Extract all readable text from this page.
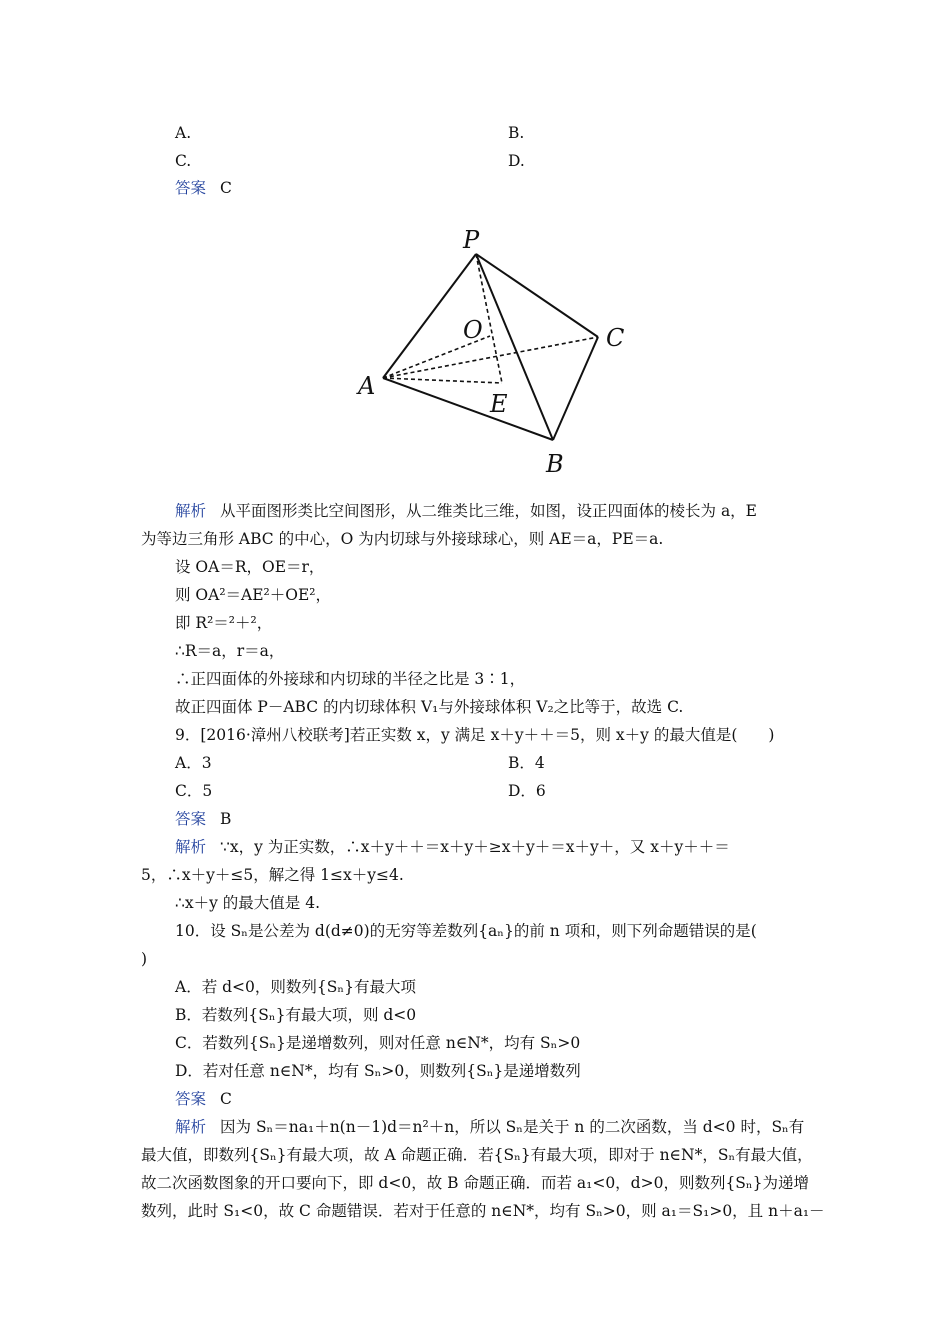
A.	B.
C.	D.
答案 C
P
O	C
A
E
B
解析 从平面图形类比空间图形，从二维类比三维，如图，设正四面体的棱长为 a，E
为等边三角形 ABC 的中心，O 为内切球与外接球球心，则 AE＝a，PE＝a.
设 OA＝R，OE＝r，
则 OA²＝AE²＋OE²，
即 R²＝²＋²，
∴R＝a，r＝a，
∴正四面体的外接球和内切球的半径之比是 3∶1，
故正四面体 P－ABC 的内切球体积 V₁与外接球体积 V₂之比等于，故选 C.
9．[2016·漳州八校联考]若正实数 x，y 满足 x＋y＋＋＝5，则 x＋y 的最大值是(　　)
A．3	B．4
C．5	D．6
答案 B
解析 ∵x，y 为正实数，∴x＋y＋＋＝x＋y＋≥x＋y＋＝x＋y＋，又 x＋y＋＋＝
5，∴x＋y＋≤5，解之得 1≤x＋y≤4.
∴x＋y 的最大值是 4.
10．设 Sₙ是公差为 d(d≠0)的无穷等差数列{aₙ}的前 n 项和，则下列命题错误的是(
)
A．若 d<0，则数列{Sₙ}有最大项
B．若数列{Sₙ}有最大项，则 d<0
C．若数列{Sₙ}是递增数列，则对任意 n∈N*，均有 Sₙ>0
D．若对任意 n∈N*，均有 Sₙ>0，则数列{Sₙ}是递增数列
答案 C
解析 因为 Sₙ＝na₁＋n(n－1)d＝n²＋n，所以 Sₙ是关于 n 的二次函数，当 d<0 时，Sₙ有
最大值，即数列{Sₙ}有最大项，故 A 命题正确．若{Sₙ}有最大项，即对于 n∈N*，Sₙ有最大值，
故二次函数图象的开口要向下，即 d<0，故 B 命题正确．而若 a₁<0，d>0，则数列{Sₙ}为递增
数列，此时 S₁<0，故 C 命题错误．若对于任意的 n∈N*，均有 Sₙ>0，则 a₁＝S₁>0，且 n＋a₁－
